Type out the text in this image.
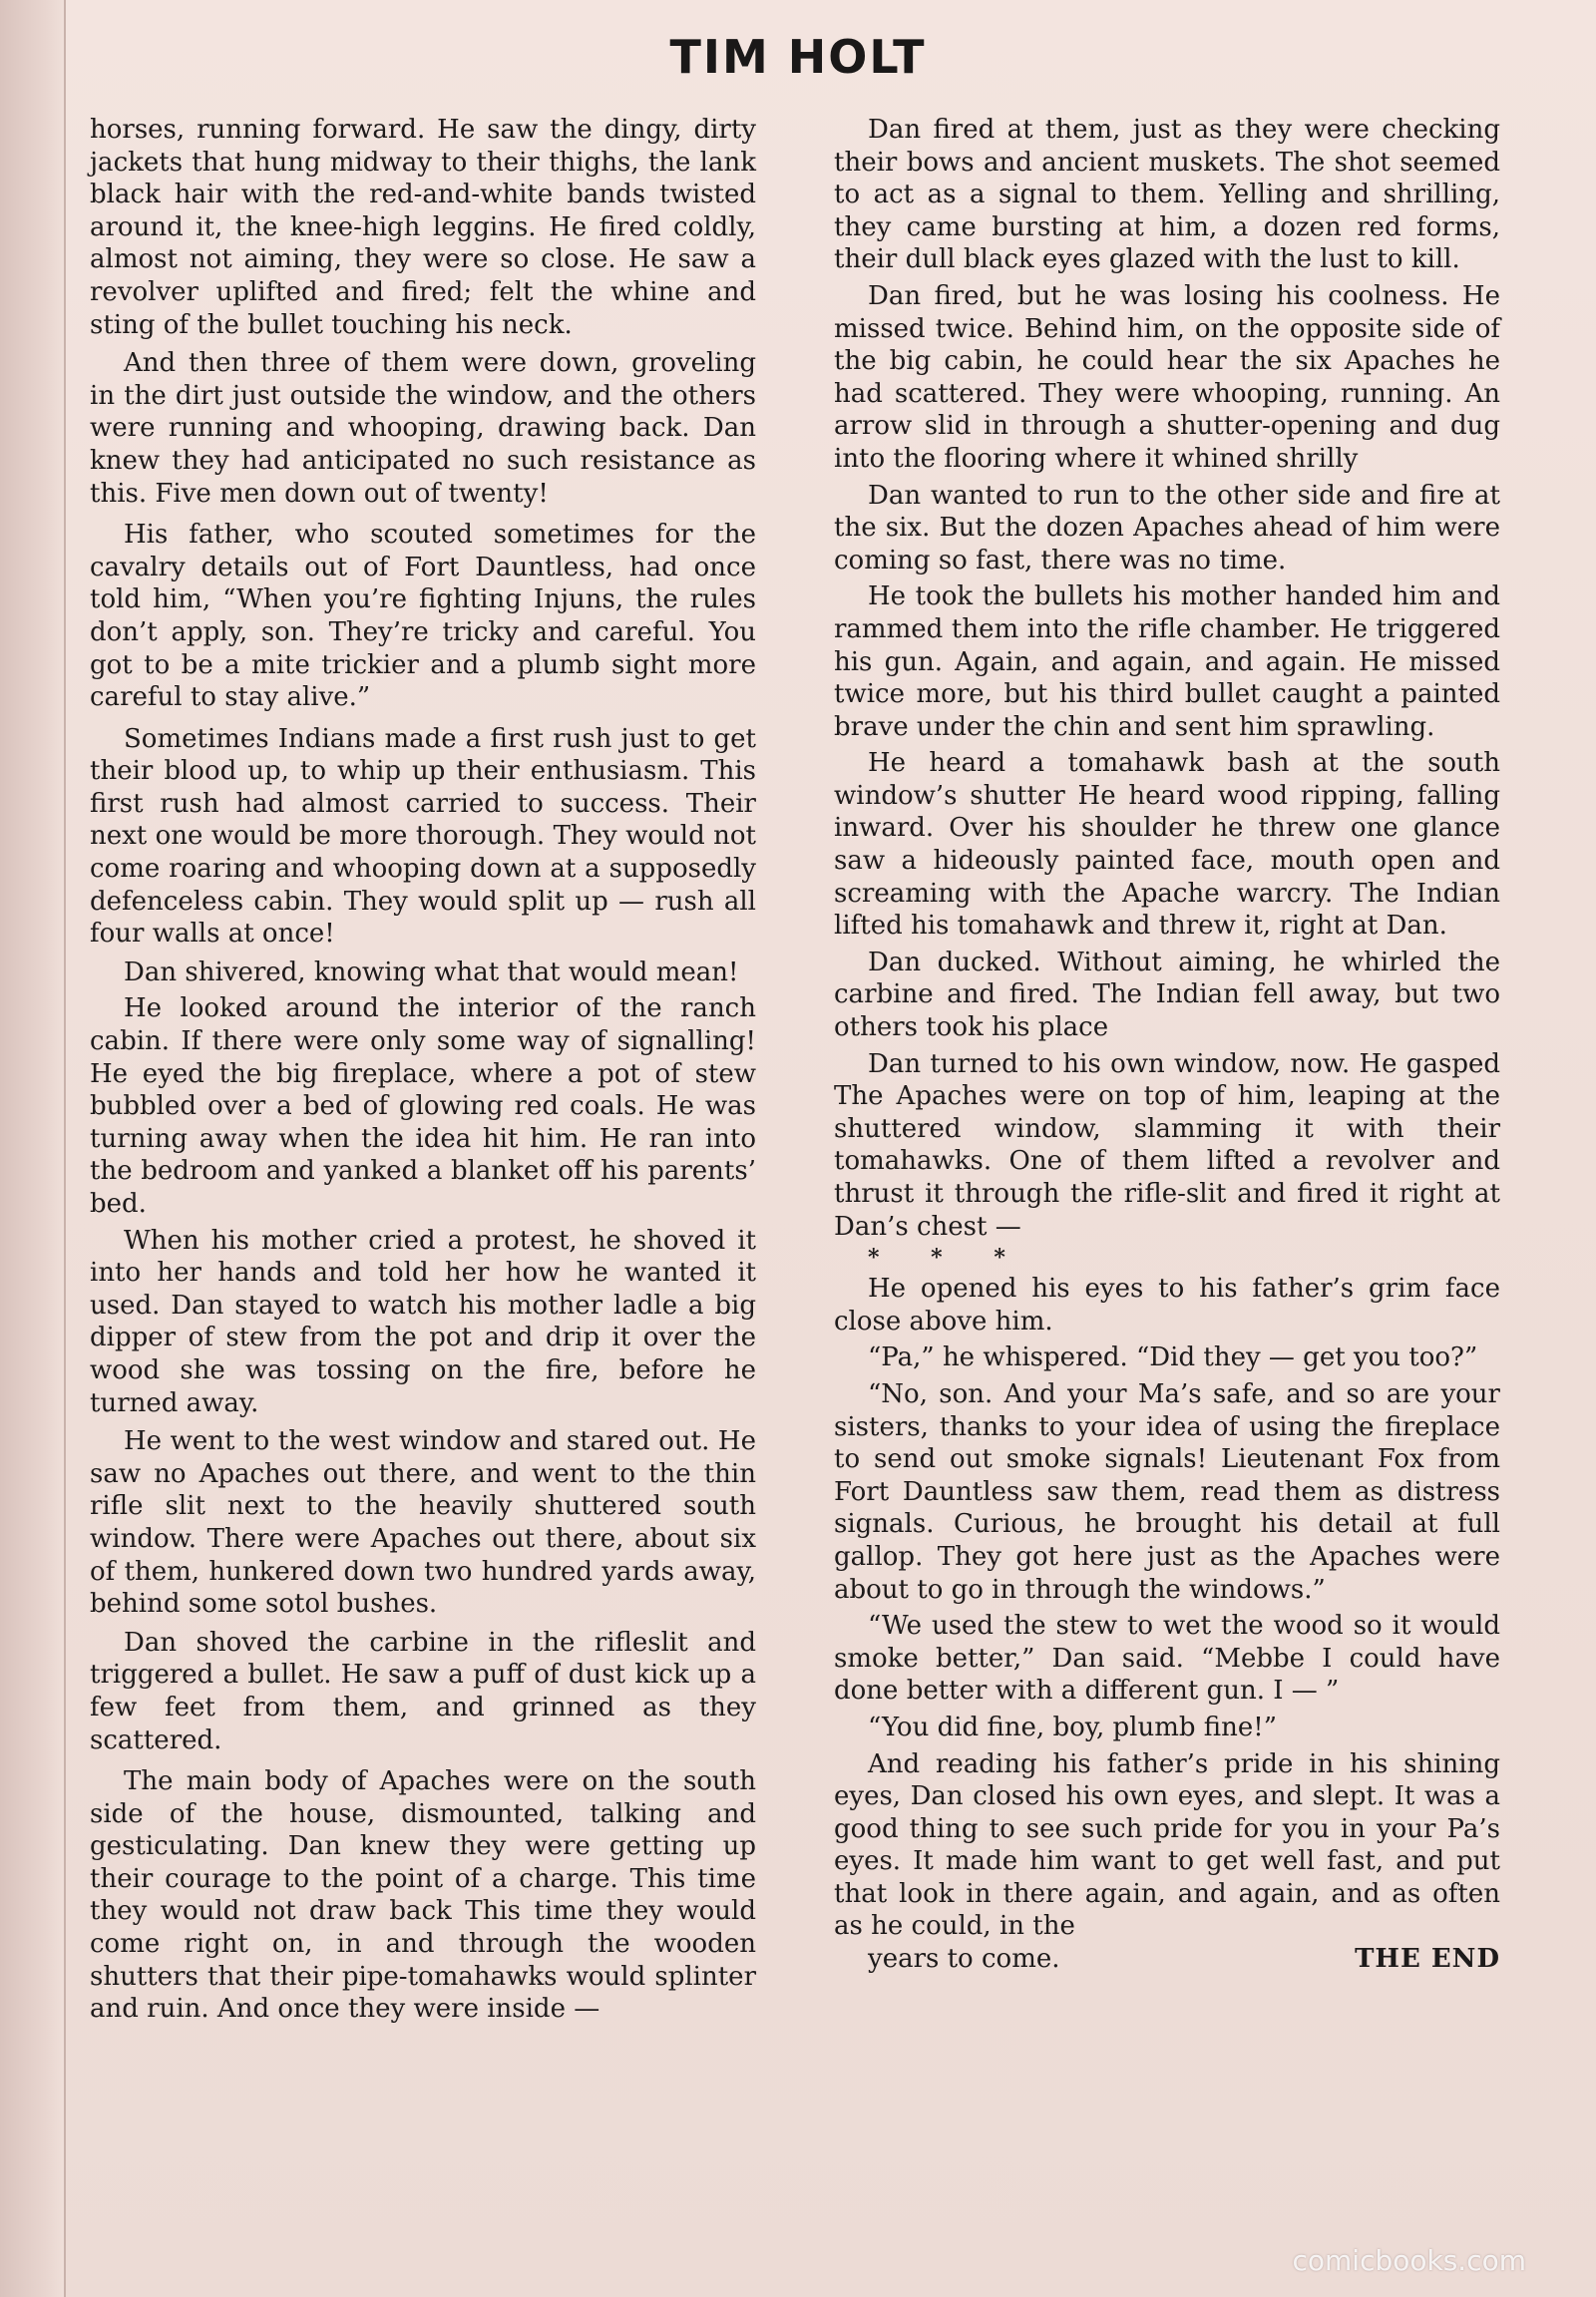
TIM HOLT

horses, running forward. He saw the dingy, dirty jackets that hung midway to their thighs, the lank black hair with the red-and-white bands twisted around it, the knee-high leggins. He fired coldly, almost not aiming, they were so close. He saw a revolver uplifted and fired; felt the whine and sting of the bullet touching his neck.

And then three of them were down, groveling in the dirt just outside the window, and the others were running and whooping, drawing back. Dan knew they had anticipated no such resistance as this. Five men down out of twenty!

His father, who scouted sometimes for the cavalry details out of Fort Dauntless, had once told him, “When you’re fighting Injuns, the rules don’t apply, son. They’re tricky and careful. You got to be a mite trickier and a plumb sight more careful to stay alive.”

Sometimes Indians made a first rush just to get their blood up, to whip up their enthusiasm. This first rush had almost carried to success. Their next one would be more thorough. They would not come roaring and whooping down at a supposedly defenceless cabin. They would split up — rush all four walls at once!

Dan shivered, knowing what that would mean!

He looked around the interior of the ranch cabin. If there were only some way of signalling! He eyed the big fireplace, where a pot of stew bubbled over a bed of glowing red coals. He was turning away when the idea hit him. He ran into the bedroom and yanked a blanket off his parents’ bed.

When his mother cried a protest, he shoved it into her hands and told her how he wanted it used. Dan stayed to watch his mother ladle a big dipper of stew from the pot and drip it over the wood she was tossing on the fire, before he turned away.

He went to the west window and stared out. He saw no Apaches out there, and went to the thin rifle slit next to the heavily shuttered south window. There were Apaches out there, about six of them, hunkered down two hundred yards away, behind some sotol bushes.

Dan shoved the carbine in the rifleslit and triggered a bullet. He saw a puff of dust kick up a few feet from them, and grinned as they scattered.

The main body of Apaches were on the south side of the house, dismounted, talking and gesticulating. Dan knew they were getting up their courage to the point of a charge. This time they would not draw back This time they would come right on, in and through the wooden shutters that their pipe-tomahawks would splinter and ruin. And once they were inside —

Dan fired at them, just as they were checking their bows and ancient muskets. The shot seemed to act as a signal to them. Yelling and shrilling, they came bursting at him, a dozen red forms, their dull black eyes glazed with the lust to kill.

Dan fired, but he was losing his coolness. He missed twice. Behind him, on the opposite side of the big cabin, he could hear the six Apaches he had scattered. They were whooping, running. An arrow slid in through a shutter-opening and dug into the flooring where it whined shrilly

Dan wanted to run to the other side and fire at the six. But the dozen Apaches ahead of him were coming so fast, there was no time.

He took the bullets his mother handed him and rammed them into the rifle chamber. He triggered his gun. Again, and again, and again. He missed twice more, but his third bullet caught a painted brave under the chin and sent him sprawling.

He heard a tomahawk bash at the south window’s shutter He heard wood ripping, falling inward. Over his shoulder he threw one glance saw a hideously painted face, mouth open and screaming with the Apache warcry. The Indian lifted his tomahawk and threw it, right at Dan.

Dan ducked. Without aiming, he whirled the carbine and fired. The Indian fell away, but two others took his place

Dan turned to his own window, now. He gasped The Apaches were on top of him, leaping at the shuttered window, slamming it with their tomahawks. One of them lifted a revolver and thrust it through the rifle-slit and fired it right at Dan’s chest —

* * *

He opened his eyes to his father’s grim face close above him.

“Pa,” he whispered. “Did they — get you too?”

“No, son. And your Ma’s safe, and so are your sisters, thanks to your idea of using the fireplace to send out smoke signals! Lieutenant Fox from Fort Dauntless saw them, read them as distress signals. Curious, he brought his detail at full gallop. They got here just as the Apaches were about to go in through the windows.”

“We used the stew to wet the wood so it would smoke better,” Dan said. “Mebbe I could have done better with a different gun. I — ”

“You did fine, boy, plumb fine!”

And reading his father’s pride in his shining eyes, Dan closed his own eyes, and slept. It was a good thing to see such pride for you in your Pa’s eyes. It made him want to get well fast, and put that look in there again, and again, and as often as he could, in the

years to come.	THE END

comicbooks.com
